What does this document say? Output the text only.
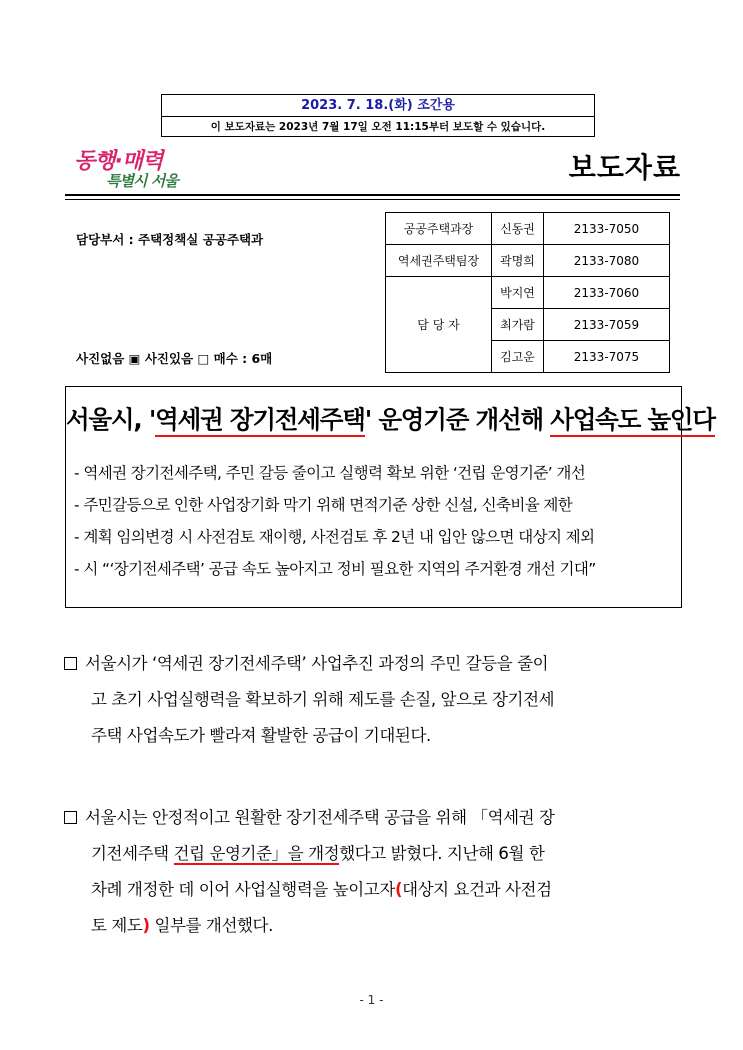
2023. 7. 18.(화) 조간용
이 보도자료는 2023년 7월 17일 오전 11:15부터 보도할 수 있습니다.
동행·매력
특별시 서울	보도자료
담당부서 : 주택정책실 공공주택과
사진없음 ▣ 사진있음 □ 매수 : 6매
공공주택과장	신동권	2133-7050
역세권주택팀장	곽명희	2133-7080
담 당 자	박지연	2133-7060
	최가람	2133-7059
	김고운	2133-7075
서울시, '역세권 장기전세주택' 운영기준 개선해 사업속도 높인다
- 역세권 장기전세주택, 주민 갈등 줄이고 실행력 확보 위한 ‘건립 운영기준’ 개선
- 주민갈등으로 인한 사업장기화 막기 위해 면적기준 상한 신설, 신축비율 제한
- 계획 임의변경 시 사전검토 재이행, 사전검토 후 2년 내 입안 않으면 대상지 제외
- 시 “‘장기전세주택’ 공급 속도 높아지고 정비 필요한 지역의 주거환경 개선 기대”
서울시가 ‘역세권 장기전세주택’ 사업추진 과정의 주민 갈등을 줄이
고 초기 사업실행력을 확보하기 위해 제도를 손질, 앞으로 장기전세
주택 사업속도가 빨라져 활발한 공급이 기대된다.
서울시는 안정적이고 원활한 장기전세주택 공급을 위해 「역세권 장
기전세주택 건립 운영기준」을 개정했다고 밝혔다. 지난해 6월 한
차례 개정한 데 이어 사업실행력을 높이고자(대상지 요건과 사전검
토 제도) 일부를 개선했다.
- 1 -
